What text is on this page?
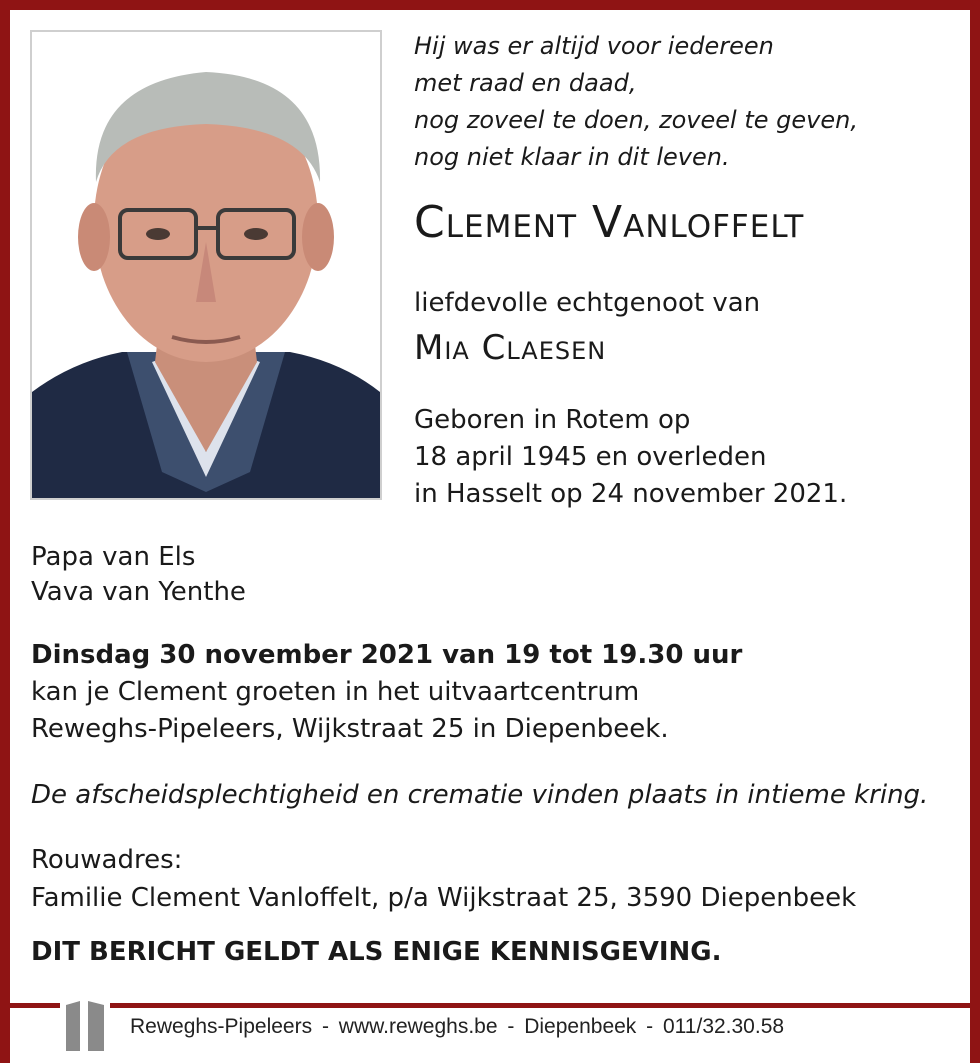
Hij was er altijd voor iedereen
met raad en daad,
nog zoveel te doen, zoveel te geven,
nog niet klaar in dit leven.
Clement Vanloffelt
liefdevolle echtgenoot van
Mia Claesen
Geboren in Rotem op
18 april 1945 en overleden
in Hasselt op 24 november 2021.
Papa van Els
Vava van Yenthe
Dinsdag 30 november 2021 van 19 tot 19.30 uur
kan je Clement groeten in het uitvaartcentrum
Reweghs-Pipeleers, Wijkstraat 25 in Diepenbeek.
De afscheidsplechtigheid en crematie vinden plaats in intieme kring.
Rouwadres:
Familie Clement Vanloffelt, p/a Wijkstraat 25, 3590 Diepenbeek
DIT BERICHT GELDT ALS ENIGE KENNISGEVING.
Reweghs-Pipeleers - www.reweghs.be - Diepenbeek - 011/32.30.58
